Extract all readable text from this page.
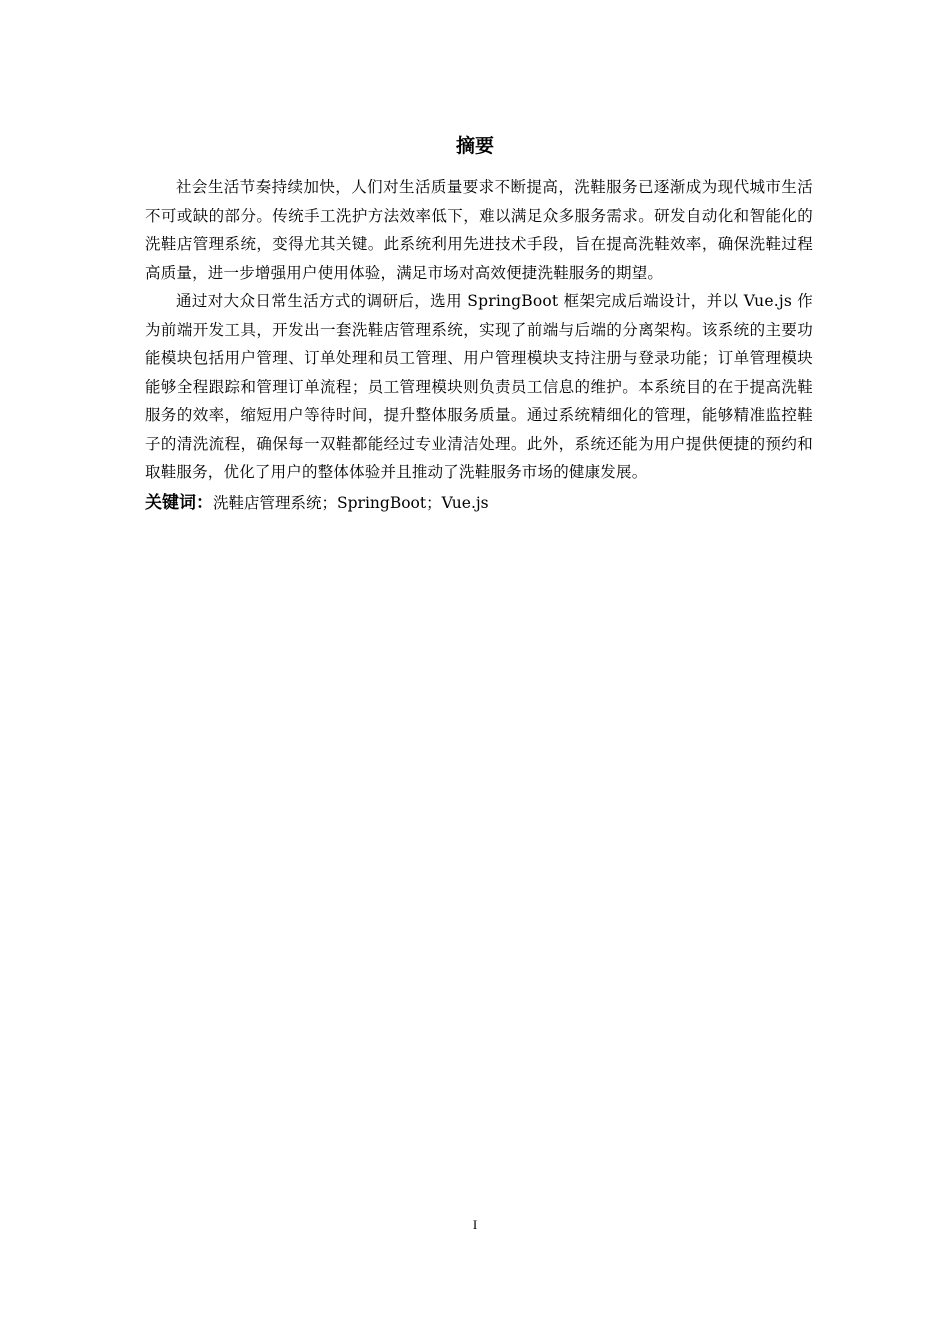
摘要

社会生活节奏持续加快，人们对生活质量要求不断提高，洗鞋服务已逐渐成为现代城市生活不可或缺的部分。传统手工洗护方法效率低下，难以满足众多服务需求。研发自动化和智能化的洗鞋店管理系统，变得尤其关键。此系统利用先进技术手段，旨在提高洗鞋效率，确保洗鞋过程高质量，进一步增强用户使用体验，满足市场对高效便捷洗鞋服务的期望。

通过对大众日常生活方式的调研后，选用 SpringBoot 框架完成后端设计，并以 Vue.js 作为前端开发工具，开发出一套洗鞋店管理系统，实现了前端与后端的分离架构。该系统的主要功能模块包括用户管理、订单处理和员工管理、用户管理模块支持注册与登录功能；订单管理模块能够全程跟踪和管理订单流程；员工管理模块则负责员工信息的维护。本系统目的在于提高洗鞋服务的效率，缩短用户等待时间，提升整体服务质量。通过系统精细化的管理，能够精准监控鞋子的清洗流程，确保每一双鞋都能经过专业清洁处理。此外，系统还能为用户提供便捷的预约和取鞋服务，优化了用户的整体体验并且推动了洗鞋服务市场的健康发展。

关键词：洗鞋店管理系统；SpringBoot；Vue.js

I
